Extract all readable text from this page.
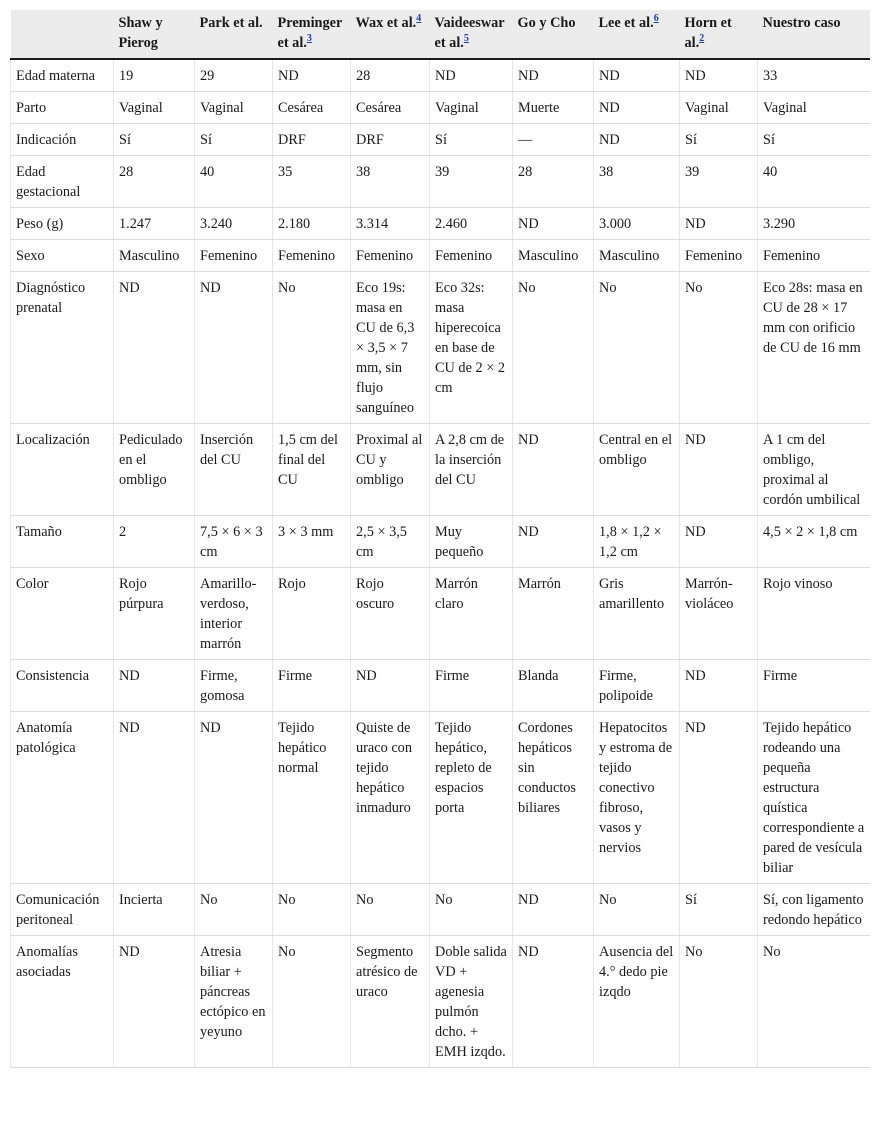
	Shaw y Pierog	Park et al.	Preminger et al.$^3$	Wax et al.$^4$	Vaideeswar et al.$^5$	Go y Cho	Lee et al.$^6$	Horn et al.$^2$	Nuestro caso
Edad materna	19	29	ND	28	ND	ND	ND	ND	33
Parto	Vaginal	Vaginal	Cesárea	Cesárea	Vaginal	Muerte	ND	Vaginal	Vaginal
Indicación	Sí	Sí	DRF	DRF	Sí	—	ND	Sí	Sí
Edad gestacional	28	40	35	38	39	28	38	39	40
Peso (g)	1.247	3.240	2.180	3.314	2.460	ND	3.000	ND	3.290
Sexo	Masculino	Femenino	Femenino	Femenino	Femenino	Masculino	Masculino	Femenino	Femenino
Diagnóstico prenatal	ND	ND	No	Eco 19s: masa en CU de 6,3 × 3,5 × 7 mm, sin flujo sanguíneo	Eco 32s: masa hiperecoica en base de CU de 2 × 2 cm	No	No	No	Eco 28s: masa en CU de 28 × 17 mm con orificio de CU de 16 mm
Localización	Pediculado en el ombligo	Inserción del CU	1,5 cm del final del CU	Proximal al CU y ombligo	A 2,8 cm de la inserción del CU	ND	Central en el ombligo	ND	A 1 cm del ombligo, proximal al cordón umbilical
Tamaño	2	7,5 × 6 × 3 cm	3 × 3 mm	2,5 × 3,5 cm	Muy pequeño	ND	1,8 × 1,2 × 1,2 cm	ND	4,5 × 2 × 1,8 cm
Color	Rojo púrpura	Amarillo-verdoso, interior marrón	Rojo	Rojo oscuro	Marrón claro	Marrón	Gris amarillento	Marrón-violáceo	Rojo vinoso
Consistencia	ND	Firme, gomosa	Firme	ND	Firme	Blanda	Firme, polipoide	ND	Firme
Anatomía patológica	ND	ND	Tejido hepático normal	Quiste de uraco con tejido hepático inmaduro	Tejido hepático, repleto de espacios porta	Cordones hepáticos sin conductos biliares	Hepatocitos y estroma de tejido conectivo fibroso, vasos y nervios	ND	Tejido hepático rodeando una pequeña estructura quística correspondiente a pared de vesícula biliar
Comunicación peritoneal	Incierta	No	No	No	No	ND	No	Sí	Sí, con ligamento redondo hepático
Anomalías asociadas	ND	Atresia biliar + páncreas ectópico en yeyuno	No	Segmento atrésico de uraco	Doble salida VD + agenesia pulmón dcho. + EMH izqdo.	ND	Ausencia del 4.° dedo pie izqdo	No	No
